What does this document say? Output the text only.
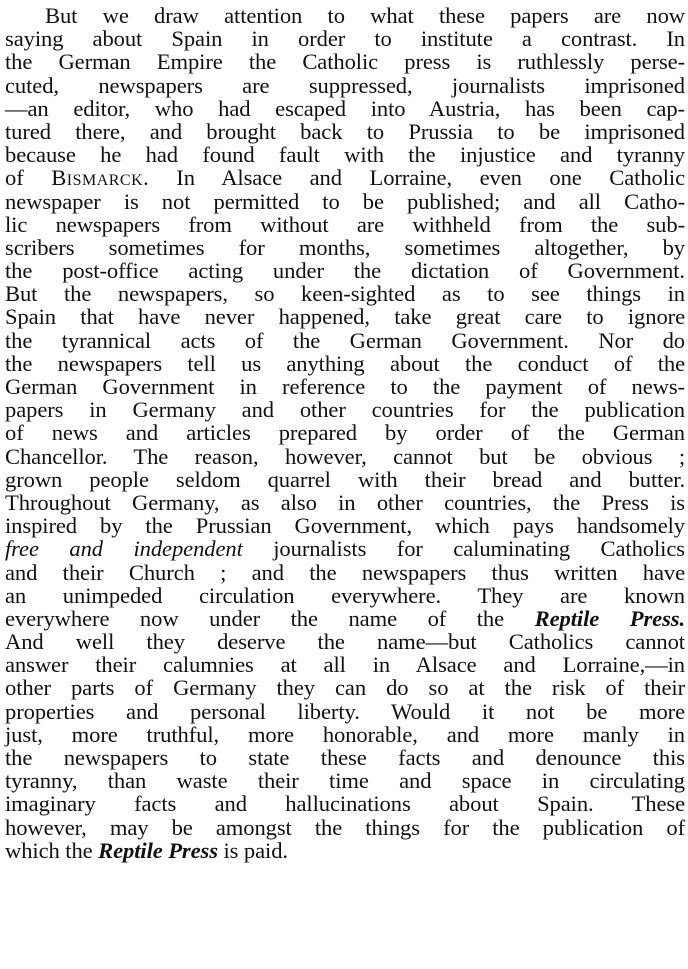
But we draw attention to what these papers are now
saying about Spain in order to institute a contrast. In
the German Empire the Catholic press is ruthlessly perse-
cuted, newspapers are suppressed, journalists imprisoned
—an editor, who had escaped into Austria, has been cap-
tured there, and brought back to Prussia to be imprisoned
because he had found fault with the injustice and tyranny
of Bismarck. In Alsace and Lorraine, even one Catholic
newspaper is not permitted to be published; and all Catho-
lic newspapers from without are withheld from the sub-
scribers sometimes for months, sometimes altogether, by
the post-office acting under the dictation of Government.
But the newspapers, so keen-sighted as to see things in
Spain that have never happened, take great care to ignore
the tyrannical acts of the German Government. Nor do
the newspapers tell us anything about the conduct of the
German Government in reference to the payment of news-
papers in Germany and other countries for the publication
of news and articles prepared by order of the German
Chancellor. The reason, however, cannot but be obvious ;
grown people seldom quarrel with their bread and butter.
Throughout Germany, as also in other countries, the Press is
inspired by the Prussian Government, which pays handsomely
free and independent journalists for caluminating Catholics
and their Church ; and the newspapers thus written have
an unimpeded circulation everywhere. They are known
everywhere now under the name of the Reptile Press.
And well they deserve the name—but Catholics cannot
answer their calumnies at all in Alsace and Lorraine,—in
other parts of Germany they can do so at the risk of their
properties and personal liberty. Would it not be more
just, more truthful, more honorable, and more manly in
the newspapers to state these facts and denounce this
tyranny, than waste their time and space in circulating
imaginary facts and hallucinations about Spain. These
however, may be amongst the things for the publication of
which the Reptile Press is paid.
